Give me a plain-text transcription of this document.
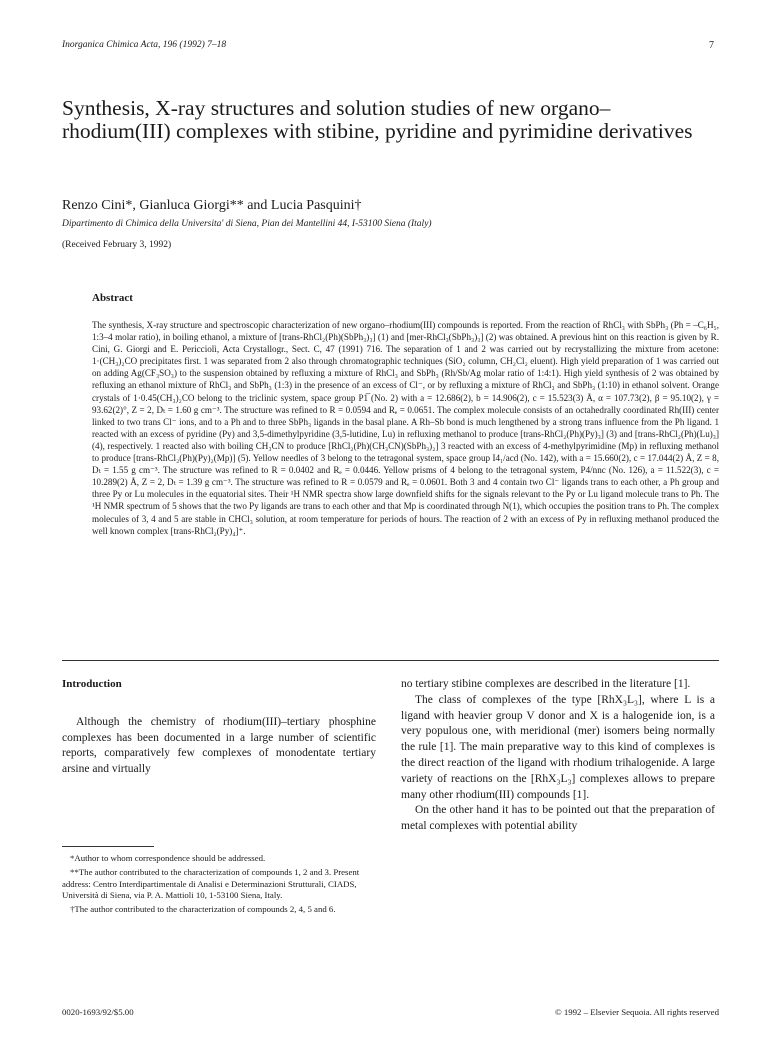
Inorganica Chimica Acta, 196 (1992) 7–18	7
Synthesis, X-ray structures and solution studies of new organo–rhodium(III) complexes with stibine, pyridine and pyrimidine derivatives
Renzo Cini*, Gianluca Giorgi** and Lucia Pasquini†
Dipartimento di Chimica della Universita' di Siena, Pian dei Mantellini 44, I-53100 Siena (Italy)
(Received February 3, 1992)
Abstract

The synthesis, X-ray structure and spectroscopic characterization of new organo–rhodium(III) compounds is reported. From the reaction of RhCl₃ with SbPh₃ (Ph = –C₆H₅, 1:3–4 molar ratio), in boiling ethanol, a mixture of [trans-RhCl₂(Ph)(SbPh₃)₃] (1) and [mer-RhCl₃(SbPh₃)₃] (2) was obtained. A previous hint on this reaction is given by R. Cini, G. Giorgi and E. Pericciolì, Acta Crystallogr., Sect. C, 47 (1991) 716. The separation of 1 and 2 was carried out by recrystallizing the mixture from acetone: 1·(CH₃)₂CO precipitates first. 1 was separated from 2 also through chromatographic techniques (SiO₂ column, CH₂Cl₂ eluent). High yield preparation of 1 was carried out on adding Ag(CF₃SO₃) to the suspension obtained by refluxing a mixture of RhCl₃ and SbPh₃ (Rh/Sb/Ag molar ratio of 1:4:1). High yield synthesis of 2 was obtained by refluxing an ethanol mixture of RhCl₃ and SbPh₃ (1:3) in the presence of an excess of Cl⁻, or by refluxing a mixture of RhCl₃ and SbPh₃ (1:10) in ethanol solvent. Orange crystals of 1·0.45(CH₃)₂CO belong to the triclinic system, space group P1̅ (No. 2) with a = 12.686(2), b = 14.906(2), c = 15.523(3) Å, α = 107.73(2), β = 95.10(2), γ = 93.62(2)°, Z = 2, Dₜ = 1.60 g cm⁻³. The structure was refined to R = 0.0594 and Rₑ = 0.0651. The complex molecule consists of an octahedrally coordinated Rh(III) center linked to two trans Cl⁻ ions, and to a Ph and to three SbPh₃ ligands in the basal plane. A Rh–Sb bond is much lengthened by a strong trans influence from the Ph ligand. 1 reacted with an excess of pyridine (Py) and 3,5-dimethylpyridine (3,5-lutidine, Lu) in refluxing methanol to produce [trans-RhCl₂(Ph)(Py)₃] (3) and [trans-RhCl₂(Ph)(Lu)₃] (4), respectively. 1 reacted also with boiling CH₃CN to produce [RhCl₂(Ph)(CH₃CN)(SbPh₃)₂] 3 reacted with an excess of 4-methylpyrimidine (Mp) in refluxing methanol to produce [trans-RhCl₂(Ph)(Py)₂(Mp)] (5). Yellow needles of 3 belong to the tetragonal system, space group I4₁/acd (No. 142), with a = 15.660(2), c = 17.044(2) Å, Z = 8, Dₜ = 1.55 g cm⁻³. The structure was refined to R = 0.0402 and Rₑ = 0.0446. Yellow prisms of 4 belong to the tetragonal system, P4/nnc (No. 126), a = 11.522(3), c = 10.289(2) Å, Z = 2, Dₜ = 1.39 g cm⁻³. The structure was refined to R = 0.0579 and Rₑ = 0.0601. Both 3 and 4 contain two Cl⁻ ligands trans to each other, a Ph group and three Py or Lu molecules in the equatorial sites. Their ¹H NMR spectra show large downfield shifts for the signals relevant to the Py or Lu ligand molecule trans to Ph. The ¹H NMR spectrum of 5 shows that the two Py ligands are trans to each other and that Mp is coordinated through N(1), which occupies the position trans to Ph. The complex molecules of 3, 4 and 5 are stable in CHCl₃ solution, at room temperature for periods of hours. The reaction of 2 with an excess of Py in refluxing methanol produced the well known complex [trans-RhCl₂(Py)₄]⁺.

Introduction

Although the chemistry of rhodium(III)–tertiary phosphine complexes has been documented in a large number of scientific reports, comparatively few complexes of monodentate tertiary arsine and virtually

*Author to whom correspondence should be addressed.

**The author contributed to the characterization of compounds 1, 2 and 3. Present address: Centro Interdipartimentale di Analisi e Determinazioni Strutturali, CIADS, Università di Siena, via P. A. Mattioli 10, 1-53100 Siena, Italy.

†The author contributed to the characterization of compounds 2, 4, 5 and 6.

no tertiary stibine complexes are described in the literature [1].

The class of complexes of the type [RhX₃L₃], where L is a ligand with heavier group V donor and X is a halogenide ion, is a very populous one, with meridional (mer) isomers being normally the rule [1]. The main preparative way to this kind of complexes is the direct reaction of the ligand with rhodium trihalogenide. A large variety of reactions on the [RhX₃L₃] complexes allows to prepare many other rhodium(III) compounds [1].

On the other hand it has to be pointed out that the preparation of metal complexes with potential ability

0020-1693/92/$5.00	© 1992 – Elsevier Sequoia. All rights reserved
